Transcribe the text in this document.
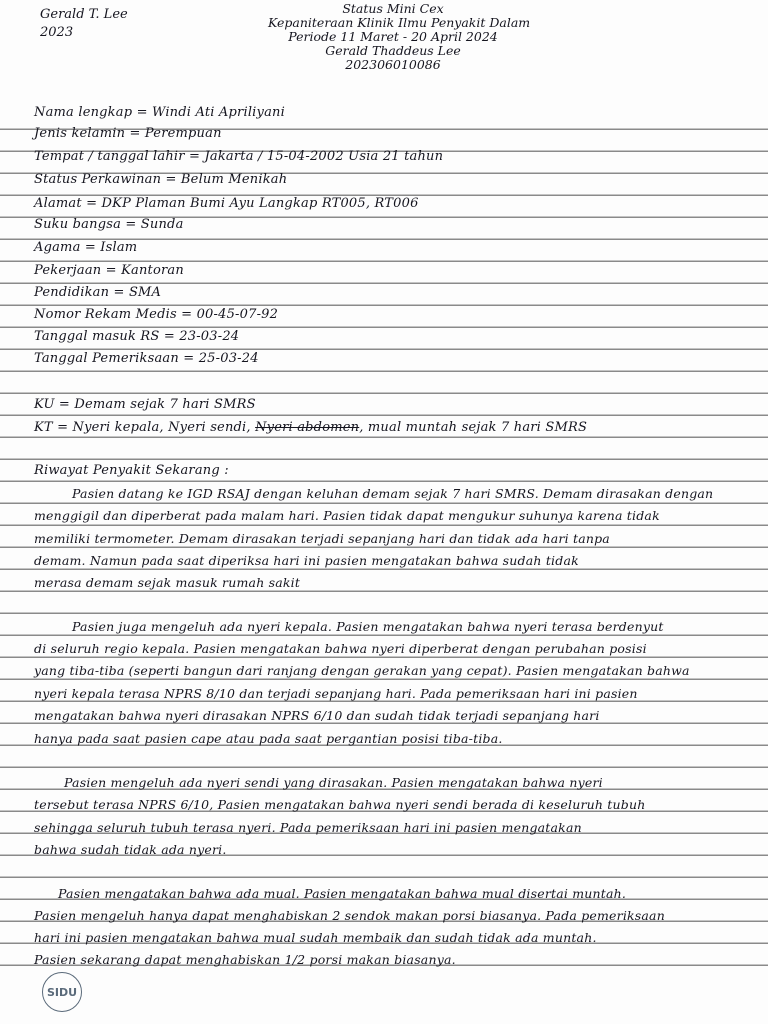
Gerald T. Lee
2023
Status Mini Cex
Kepaniteraan Klinik Ilmu Penyakit Dalam
Periode 11 Maret - 20 April 2024
Gerald Thaddeus Lee
202306010086
Nama lengkap = Windi Ati Apriliyani
Jenis kelamin = Perempuan
Tempat / tanggal lahir = Jakarta / 15-04-2002 Usia 21 tahun
Status Perkawinan = Belum Menikah
Alamat = DKP Plaman Bumi Ayu Langkap RT005, RT006
Suku bangsa = Sunda
Agama = Islam
Pekerjaan = Kantoran
Pendidikan = SMA
Nomor Rekam Medis = 00-45-07-92
Tanggal masuk RS = 23-03-24
Tanggal Pemeriksaan = 25-03-24
KU = Demam sejak 7 hari SMRS
KT = Nyeri kepala, Nyeri sendi, Nyeri abdomen, mual muntah sejak 7 hari SMRS
Riwayat Penyakit Sekarang :
Pasien datang ke IGD RSAJ dengan keluhan demam sejak 7 hari SMRS. Demam dirasakan dengan
menggigil dan diperberat pada malam hari. Pasien tidak dapat mengukur suhunya karena tidak
memiliki termometer. Demam dirasakan terjadi sepanjang hari dan tidak ada hari tanpa
demam. Namun pada saat diperiksa hari ini pasien mengatakan bahwa sudah tidak
merasa demam sejak masuk rumah sakit
Pasien juga mengeluh ada nyeri kepala. Pasien mengatakan bahwa nyeri terasa berdenyut
di seluruh regio kepala. Pasien mengatakan bahwa nyeri diperberat dengan perubahan posisi
yang tiba-tiba (seperti bangun dari ranjang dengan gerakan yang cepat). Pasien mengatakan bahwa
nyeri kepala terasa NPRS 8/10 dan terjadi sepanjang hari. Pada pemeriksaan hari ini pasien
mengatakan bahwa nyeri dirasakan NPRS 6/10 dan sudah tidak terjadi sepanjang hari
hanya pada saat pasien cape atau pada saat pergantian posisi tiba-tiba.
Pasien mengeluh ada nyeri sendi yang dirasakan. Pasien mengatakan bahwa nyeri
tersebut terasa NPRS 6/10, Pasien mengatakan bahwa nyeri sendi berada di keseluruh tubuh
sehingga seluruh tubuh terasa nyeri. Pada pemeriksaan hari ini pasien mengatakan
bahwa sudah tidak ada nyeri.
Pasien mengatakan bahwa ada mual. Pasien mengatakan bahwa mual disertai muntah.
Pasien mengeluh hanya dapat menghabiskan 2 sendok makan porsi biasanya. Pada pemeriksaan
hari ini pasien mengatakan bahwa mual sudah membaik dan sudah tidak ada muntah.
Pasien sekarang dapat menghabiskan 1/2 porsi makan biasanya.
SIDU
